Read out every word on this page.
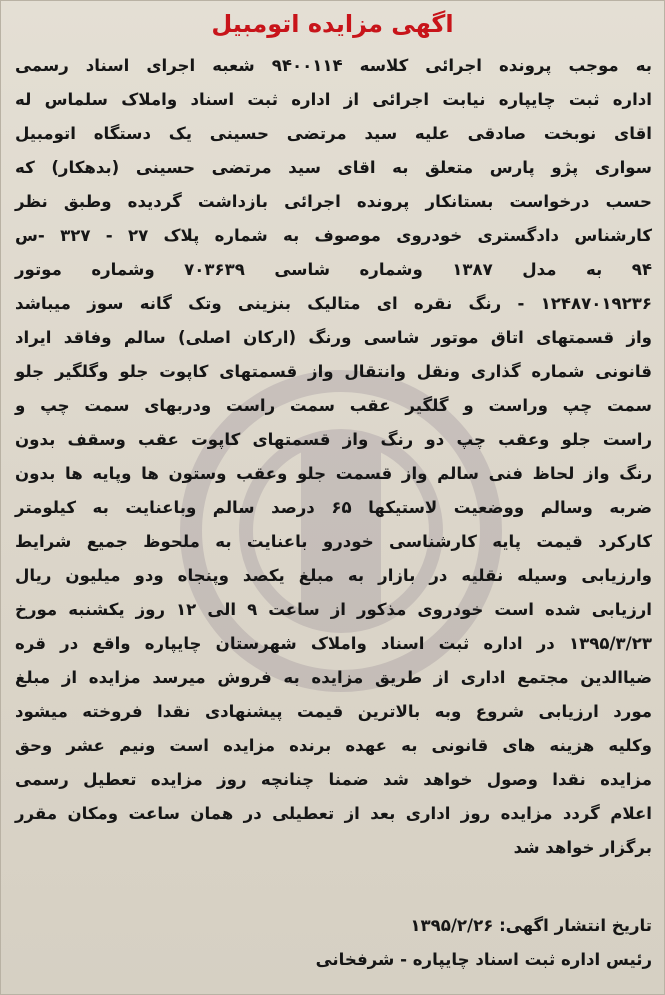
اگهی مزایده اتومبیل
به موجب پرونده اجرائی کلاسه ۹۴۰۰۱۱۴ شعبه اجرای اسناد رسمی
اداره ثبت چایپاره نیابت اجرائی از اداره ثبت اسناد واملاک سلماس له
اقای نوبخت صادقی علیه سید مرتضی حسینی یک دستگاه اتومبیل
سواری پژو پارس متعلق به اقای سید مرتضی حسینی (بدهکار) که
حسب درخواست بستانکار پرونده اجرائی بازداشت گردیده وطبق نظر
کارشناس دادگستری خودروی موصوف به شماره پلاک ۲۷ - ۳۲۷ -س
۹۴ به مدل ۱۳۸۷ وشماره شاسی ۷۰۳۶۳۹ وشماره موتور
۱۲۴۸۷۰۱۹۲۳۶ - رنگ نقره ای متالیک بنزینی وتک گانه سوز میباشد
واز قسمتهای اتاق موتور شاسی ورنگ (ارکان اصلی) سالم وفاقد ایراد
قانونی شماره گذاری ونقل وانتقال واز قسمتهای کاپوت جلو وگلگیر جلو
سمت چپ وراست و گلگیر عقب سمت راست ودربهای سمت چپ و
راست جلو وعقب چپ دو رنگ واز قسمتهای کاپوت عقب وسقف بدون
رنگ واز لحاظ فنی سالم واز قسمت جلو وعقب وستون ها وپایه ها بدون
ضربه وسالم ووضعیت لاستیکها ۶۵ درصد سالم وباعنایت به کیلومتر
کارکرد قیمت پایه کارشناسی خودرو باعنایت به ملحوظ جمیع شرایط
وارزیابی وسیله نقلیه در بازار به مبلغ یکصد وپنجاه ودو میلیون ریال
ارزیابی شده است خودروی مذکور از ساعت ۹ الی ۱۲ روز یکشنبه مورخ
۱۳۹۵/۳/۲۳ در اداره ثبت اسناد واملاک شهرستان چایپاره واقع در قره
ضیاالدین مجتمع اداری از طریق مزایده به فروش میرسد مزایده از مبلغ
مورد ارزیابی شروع وبه بالاترین قیمت پیشنهادی نقدا فروخته میشود
وکلیه هزینه های قانونی به عهده برنده مزایده است ونیم عشر وحق
مزایده نقدا وصول خواهد شد ضمنا چنانچه روز مزایده تعطیل رسمی
اعلام گردد مزایده روز اداری بعد از تعطیلی در همان ساعت ومکان مقرر
برگزار خواهد شد
تاریخ انتشار اگهی: ۱۳۹۵/۲/۲۶
رئیس اداره ثبت اسناد چایپاره - شرفخانی
